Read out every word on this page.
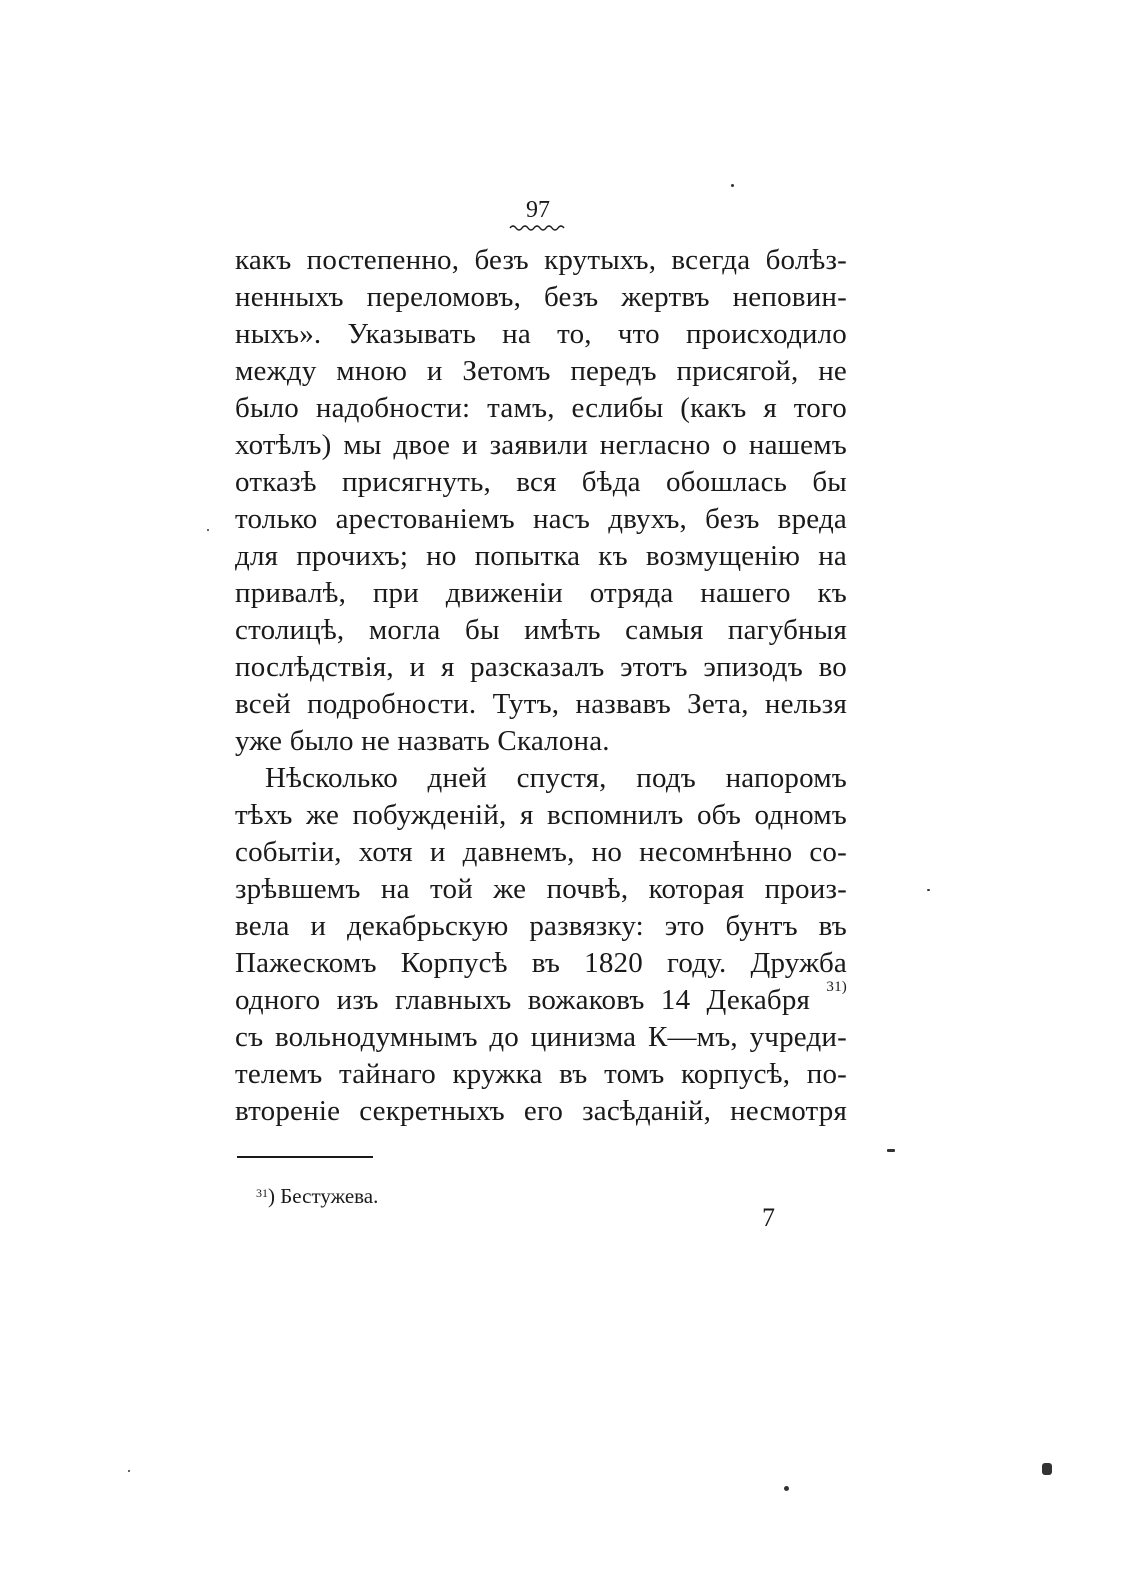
97
какъ постепенно, безъ крутыхъ, всегда болѣз-
ненныхъ переломовъ, безъ жертвъ неповин-
ныхъ». Указывать на то, что происходило
между мною и Зетомъ передъ присягой, не
было надобности: тамъ, еслибы (какъ я того
хотѣлъ) мы двое и заявили негласно о нашемъ
отказѣ присягнуть, вся бѣда обошлась бы
только арестованіемъ насъ двухъ, безъ вреда
для прочихъ; но попытка къ возмущенію на
привалѣ, при движеніи отряда нашего къ
столицѣ, могла бы имѣть самыя пагубныя
послѣдствія, и я разсказалъ этотъ эпизодъ во
всей подробности. Тутъ, назвавъ Зета, нельзя
уже было не назвать Скалона.
Нѣсколько дней спустя, подъ напоромъ
тѣхъ же побужденій, я вспомнилъ объ одномъ
событіи, хотя и давнемъ, но несомнѣнно со-
зрѣвшемъ на той же почвѣ, которая произ-
вела и декабрьскую развязку: это бунтъ въ
Пажескомъ Корпусѣ въ 1820 году. Дружба
одного изъ главныхъ вожаковъ 14 Декабря $^{31)}$
съ вольнодумнымъ до цинизма К—мъ, учреди-
телемъ тайнаго кружка въ томъ корпусѣ, по-
втореніе секретныхъ его засѣданій, несмотря
$^{31}$) Бестужева.
7
